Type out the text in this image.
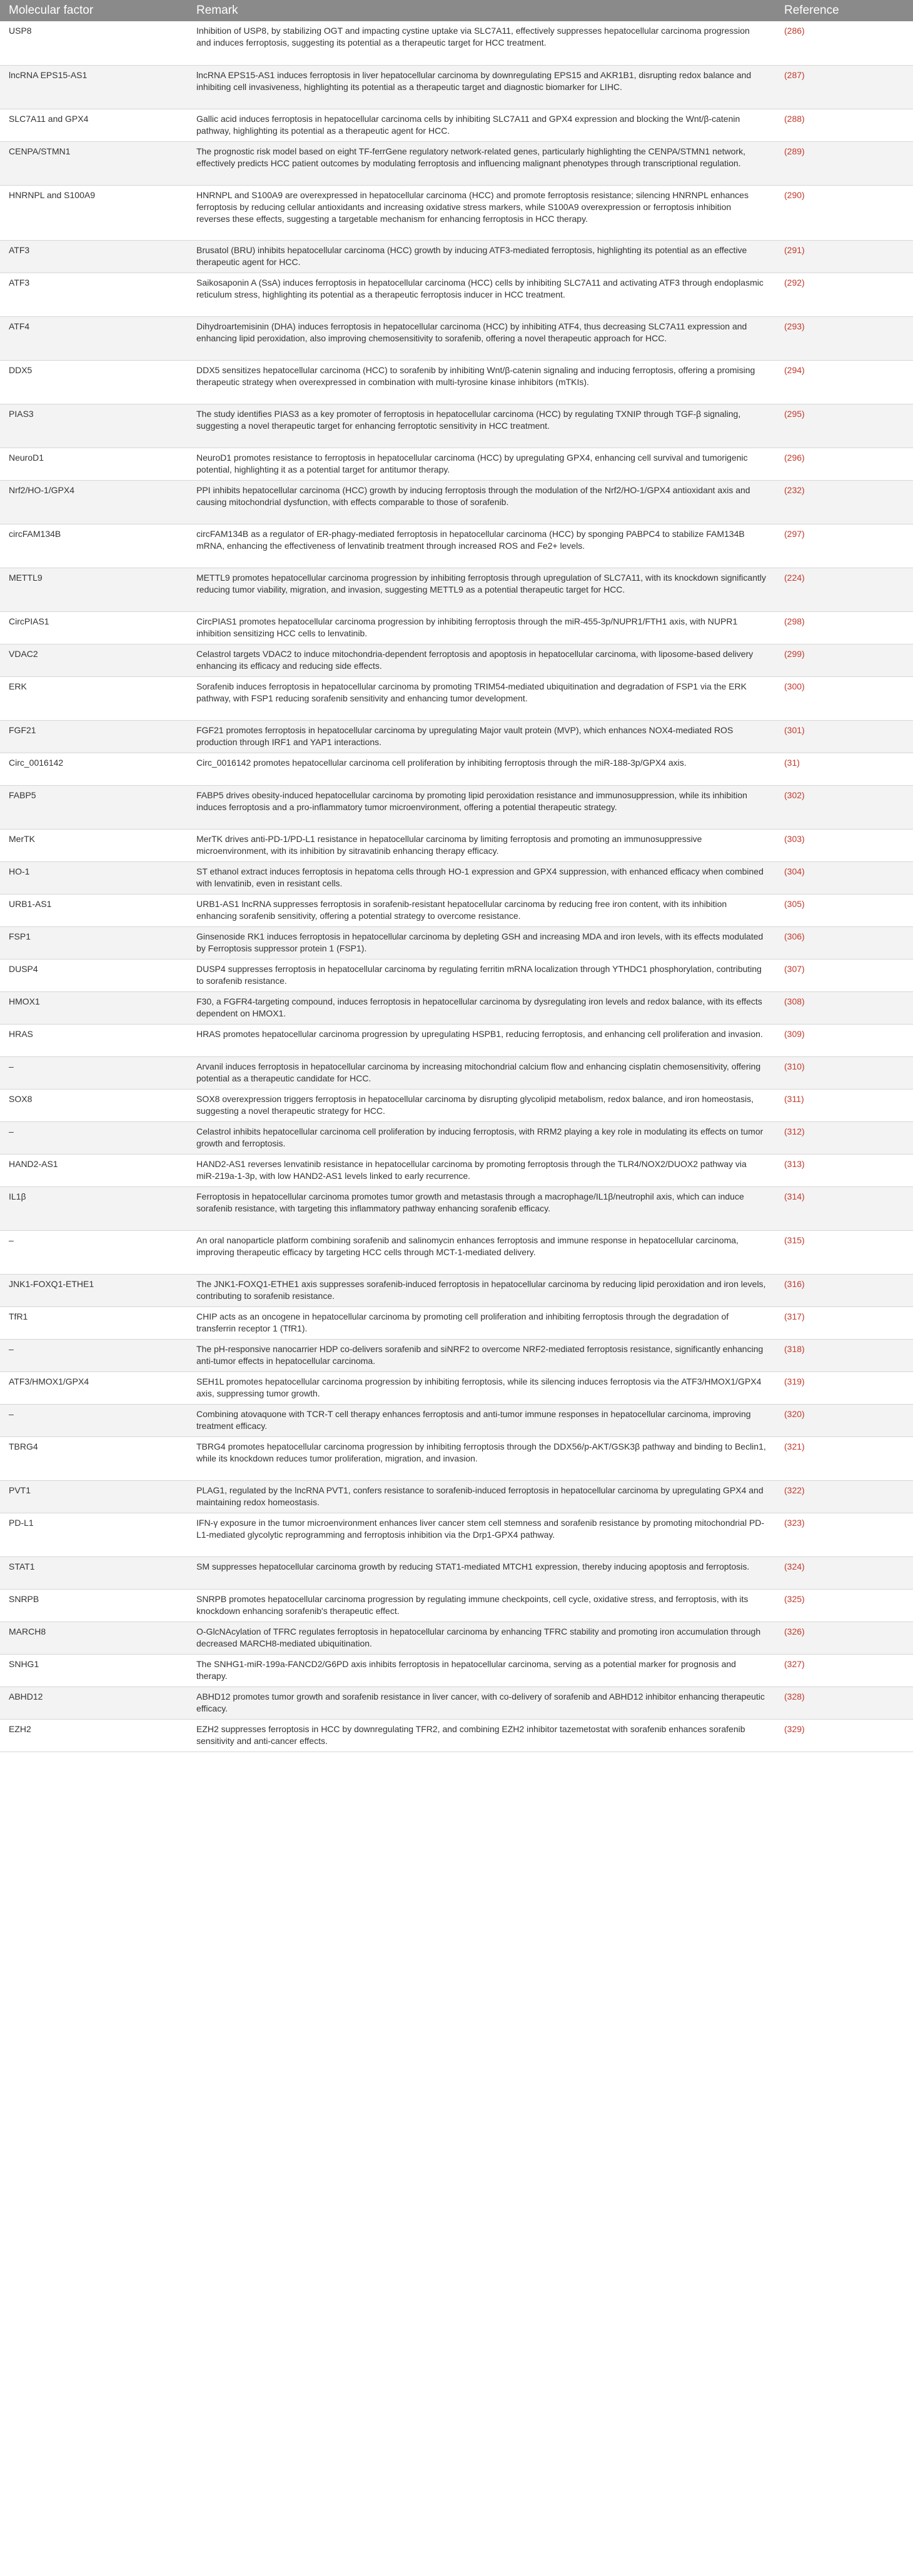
Molecular factor	Remark	Reference
USP8	Inhibition of USP8, by stabilizing OGT and impacting cystine uptake via SLC7A11, effectively suppresses hepatocellular carcinoma progression and induces ferroptosis, suggesting its potential as a therapeutic target for HCC treatment.	(286)
lncRNA EPS15-AS1	lncRNA EPS15-AS1 induces ferroptosis in liver hepatocellular carcinoma by downregulating EPS15 and AKR1B1, disrupting redox balance and inhibiting cell invasiveness, highlighting its potential as a therapeutic target and diagnostic biomarker for LIHC.	(287)
SLC7A11 and GPX4	Gallic acid induces ferroptosis in hepatocellular carcinoma cells by inhibiting SLC7A11 and GPX4 expression and blocking the Wnt/β-catenin pathway, highlighting its potential as a therapeutic agent for HCC.	(288)
CENPA/STMN1	The prognostic risk model based on eight TF-ferrGene regulatory network-related genes, particularly highlighting the CENPA/STMN1 network, effectively predicts HCC patient outcomes by modulating ferroptosis and influencing malignant phenotypes through transcriptional regulation.	(289)
HNRNPL and S100A9	HNRNPL and S100A9 are overexpressed in hepatocellular carcinoma (HCC) and promote ferroptosis resistance; silencing HNRNPL enhances ferroptosis by reducing cellular antioxidants and increasing oxidative stress markers, while S100A9 overexpression or ferroptosis inhibition reverses these effects, suggesting a targetable mechanism for enhancing ferroptosis in HCC therapy.	(290)
ATF3	Brusatol (BRU) inhibits hepatocellular carcinoma (HCC) growth by inducing ATF3-mediated ferroptosis, highlighting its potential as an effective therapeutic agent for HCC.	(291)
ATF3	Saikosaponin A (SsA) induces ferroptosis in hepatocellular carcinoma (HCC) cells by inhibiting SLC7A11 and activating ATF3 through endoplasmic reticulum stress, highlighting its potential as a therapeutic ferroptosis inducer in HCC treatment.	(292)
ATF4	Dihydroartemisinin (DHA) induces ferroptosis in hepatocellular carcinoma (HCC) by inhibiting ATF4, thus decreasing SLC7A11 expression and enhancing lipid peroxidation, also improving chemosensitivity to sorafenib, offering a novel therapeutic approach for HCC.	(293)
DDX5	DDX5 sensitizes hepatocellular carcinoma (HCC) to sorafenib by inhibiting Wnt/β-catenin signaling and inducing ferroptosis, offering a promising therapeutic strategy when overexpressed in combination with multi-tyrosine kinase inhibitors (mTKIs).	(294)
PIAS3	The study identifies PIAS3 as a key promoter of ferroptosis in hepatocellular carcinoma (HCC) by regulating TXNIP through TGF-β signaling, suggesting a novel therapeutic target for enhancing ferroptotic sensitivity in HCC treatment.	(295)
NeuroD1	NeuroD1 promotes resistance to ferroptosis in hepatocellular carcinoma (HCC) by upregulating GPX4, enhancing cell survival and tumorigenic potential, highlighting it as a potential target for antitumor therapy.	(296)
Nrf2/HO-1/GPX4	PPI inhibits hepatocellular carcinoma (HCC) growth by inducing ferroptosis through the modulation of the Nrf2/HO-1/GPX4 antioxidant axis and causing mitochondrial dysfunction, with effects comparable to those of sorafenib.	(232)
circFAM134B	circFAM134B as a regulator of ER-phagy-mediated ferroptosis in hepatocellular carcinoma (HCC) by sponging PABPC4 to stabilize FAM134B mRNA, enhancing the effectiveness of lenvatinib treatment through increased ROS and Fe2+ levels.	(297)
METTL9	METTL9 promotes hepatocellular carcinoma progression by inhibiting ferroptosis through upregulation of SLC7A11, with its knockdown significantly reducing tumor viability, migration, and invasion, suggesting METTL9 as a potential therapeutic target for HCC.	(224)
CircPIAS1	CircPIAS1 promotes hepatocellular carcinoma progression by inhibiting ferroptosis through the miR-455-3p/NUPR1/FTH1 axis, with NUPR1 inhibition sensitizing HCC cells to lenvatinib.	(298)
VDAC2	Celastrol targets VDAC2 to induce mitochondria-dependent ferroptosis and apoptosis in hepatocellular carcinoma, with liposome-based delivery enhancing its efficacy and reducing side effects.	(299)
ERK	Sorafenib induces ferroptosis in hepatocellular carcinoma by promoting TRIM54-mediated ubiquitination and degradation of FSP1 via the ERK pathway, with FSP1 reducing sorafenib sensitivity and enhancing tumor development.	(300)
FGF21	FGF21 promotes ferroptosis in hepatocellular carcinoma by upregulating Major vault protein (MVP), which enhances NOX4-mediated ROS production through IRF1 and YAP1 interactions.	(301)
Circ_0016142	Circ_0016142 promotes hepatocellular carcinoma cell proliferation by inhibiting ferroptosis through the miR-188-3p/GPX4 axis.	(31)
FABP5	FABP5 drives obesity-induced hepatocellular carcinoma by promoting lipid peroxidation resistance and immunosuppression, while its inhibition induces ferroptosis and a pro-inflammatory tumor microenvironment, offering a potential therapeutic strategy.	(302)
MerTK	MerTK drives anti-PD-1/PD-L1 resistance in hepatocellular carcinoma by limiting ferroptosis and promoting an immunosuppressive microenvironment, with its inhibition by sitravatinib enhancing therapy efficacy.	(303)
HO-1	ST ethanol extract induces ferroptosis in hepatoma cells through HO-1 expression and GPX4 suppression, with enhanced efficacy when combined with lenvatinib, even in resistant cells.	(304)
URB1-AS1	URB1-AS1 lncRNA suppresses ferroptosis in sorafenib-resistant hepatocellular carcinoma by reducing free iron content, with its inhibition enhancing sorafenib sensitivity, offering a potential strategy to overcome resistance.	(305)
FSP1	Ginsenoside RK1 induces ferroptosis in hepatocellular carcinoma by depleting GSH and increasing MDA and iron levels, with its effects modulated by Ferroptosis suppressor protein 1 (FSP1).	(306)
DUSP4	DUSP4 suppresses ferroptosis in hepatocellular carcinoma by regulating ferritin mRNA localization through YTHDC1 phosphorylation, contributing to sorafenib resistance.	(307)
HMOX1	F30, a FGFR4-targeting compound, induces ferroptosis in hepatocellular carcinoma by dysregulating iron levels and redox balance, with its effects dependent on HMOX1.	(308)
HRAS	HRAS promotes hepatocellular carcinoma progression by upregulating HSPB1, reducing ferroptosis, and enhancing cell proliferation and invasion.	(309)
–	Arvanil induces ferroptosis in hepatocellular carcinoma by increasing mitochondrial calcium flow and enhancing cisplatin chemosensitivity, offering potential as a therapeutic candidate for HCC.	(310)
SOX8	SOX8 overexpression triggers ferroptosis in hepatocellular carcinoma by disrupting glycolipid metabolism, redox balance, and iron homeostasis, suggesting a novel therapeutic strategy for HCC.	(311)
–	Celastrol inhibits hepatocellular carcinoma cell proliferation by inducing ferroptosis, with RRM2 playing a key role in modulating its effects on tumor growth and ferroptosis.	(312)
HAND2-AS1	HAND2-AS1 reverses lenvatinib resistance in hepatocellular carcinoma by promoting ferroptosis through the TLR4/NOX2/DUOX2 pathway via miR-219a-1-3p, with low HAND2-AS1 levels linked to early recurrence.	(313)
IL1β	Ferroptosis in hepatocellular carcinoma promotes tumor growth and metastasis through a macrophage/IL1β/neutrophil axis, which can induce sorafenib resistance, with targeting this inflammatory pathway enhancing sorafenib efficacy.	(314)
–	An oral nanoparticle platform combining sorafenib and salinomycin enhances ferroptosis and immune response in hepatocellular carcinoma, improving therapeutic efficacy by targeting HCC cells through MCT-1-mediated delivery.	(315)
JNK1-FOXQ1-ETHE1	The JNK1-FOXQ1-ETHE1 axis suppresses sorafenib-induced ferroptosis in hepatocellular carcinoma by reducing lipid peroxidation and iron levels, contributing to sorafenib resistance.	(316)
TfR1	CHIP acts as an oncogene in hepatocellular carcinoma by promoting cell proliferation and inhibiting ferroptosis through the degradation of transferrin receptor 1 (TfR1).	(317)
–	The pH-responsive nanocarrier HDP co-delivers sorafenib and siNRF2 to overcome NRF2-mediated ferroptosis resistance, significantly enhancing anti-tumor effects in hepatocellular carcinoma.	(318)
ATF3/HMOX1/GPX4	SEH1L promotes hepatocellular carcinoma progression by inhibiting ferroptosis, while its silencing induces ferroptosis via the ATF3/HMOX1/GPX4 axis, suppressing tumor growth.	(319)
–	Combining atovaquone with TCR-T cell therapy enhances ferroptosis and anti-tumor immune responses in hepatocellular carcinoma, improving treatment efficacy.	(320)
TBRG4	TBRG4 promotes hepatocellular carcinoma progression by inhibiting ferroptosis through the DDX56/p-AKT/GSK3β pathway and binding to Beclin1, while its knockdown reduces tumor proliferation, migration, and invasion.	(321)
PVT1	PLAG1, regulated by the lncRNA PVT1, confers resistance to sorafenib-induced ferroptosis in hepatocellular carcinoma by upregulating GPX4 and maintaining redox homeostasis.	(322)
PD-L1	IFN-γ exposure in the tumor microenvironment enhances liver cancer stem cell stemness and sorafenib resistance by promoting mitochondrial PD-L1-mediated glycolytic reprogramming and ferroptosis inhibition via the Drp1-GPX4 pathway.	(323)
STAT1	SM suppresses hepatocellular carcinoma growth by reducing STAT1-mediated MTCH1 expression, thereby inducing apoptosis and ferroptosis.	(324)
SNRPB	SNRPB promotes hepatocellular carcinoma progression by regulating immune checkpoints, cell cycle, oxidative stress, and ferroptosis, with its knockdown enhancing sorafenib's therapeutic effect.	(325)
MARCH8	O-GlcNAcylation of TFRC regulates ferroptosis in hepatocellular carcinoma by enhancing TFRC stability and promoting iron accumulation through decreased MARCH8-mediated ubiquitination.	(326)
SNHG1	The SNHG1-miR-199a-FANCD2/G6PD axis inhibits ferroptosis in hepatocellular carcinoma, serving as a potential marker for prognosis and therapy.	(327)
ABHD12	ABHD12 promotes tumor growth and sorafenib resistance in liver cancer, with co-delivery of sorafenib and ABHD12 inhibitor enhancing therapeutic efficacy.	(328)
EZH2	EZH2 suppresses ferroptosis in HCC by downregulating TFR2, and combining EZH2 inhibitor tazemetostat with sorafenib enhances sorafenib sensitivity and anti-cancer effects.	(329)
